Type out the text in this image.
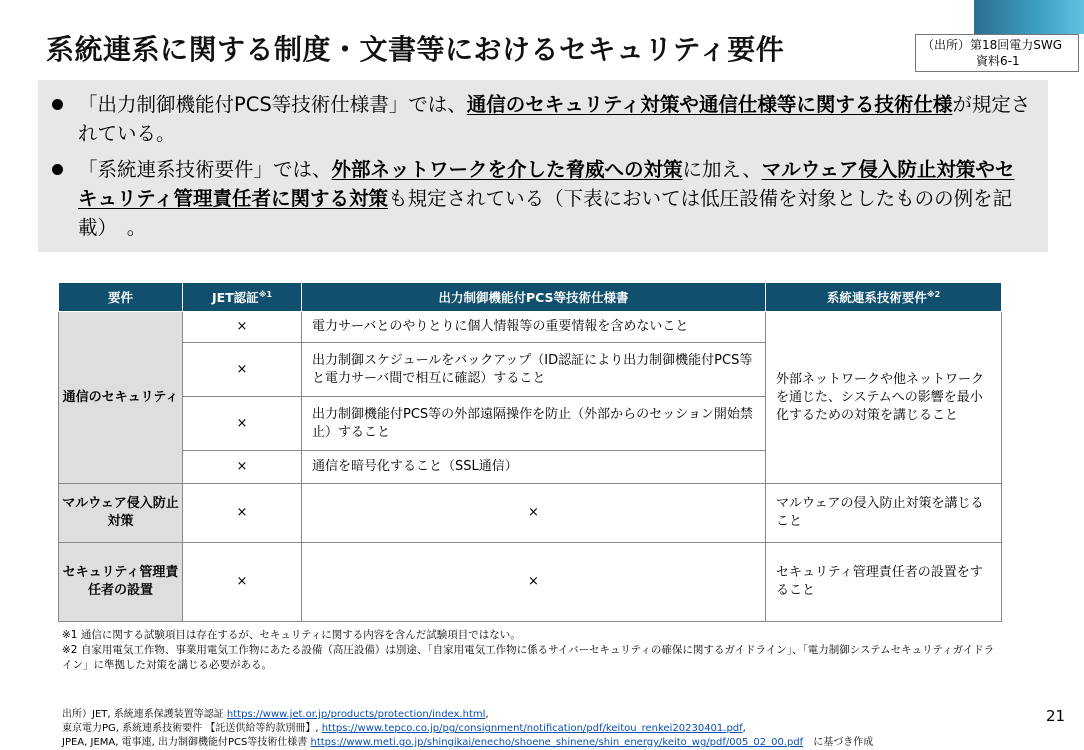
系統連系に関する制度・文書等におけるセキュリティ要件	（出所）第18回電力SWG
資料6-1
「出力制御機能付PCS等技術仕様書」では、通信のセキュリティ対策や通信仕様等に関する技術仕様が規定されている。
「系統連系技術要件」では、外部ネットワークを介した脅威への対策に加え、マルウェア侵入防止対策やセキュリティ管理責任者に関する対策も規定されている（下表においては低圧設備を対象としたものの例を記載）　。
要件	JET認証$^{※1}$	出力制御機能付PCS等技術仕様書	系統連系技術要件$^{※2}$
通信のセキュリティ	×	電力サーバとのやりとりに個人情報等の重要情報を含めないこと	外部ネットワークや他ネットワークを通じた、システムへの影響を最小化するための対策を講じること
	×	出力制御スケジュールをバックアップ（ID認証により出力制御機能付PCS等と電力サーバ間で相互に確認）すること	
	×	出力制御機能付PCS等の外部遠隔操作を防止（外部からのセッション開始禁止）すること	
	×	通信を暗号化すること（SSL通信）	
マルウェア侵入防止対策	×	×	マルウェアの侵入防止対策を講じること
セキュリティ管理責任者の設置	×	×	セキュリティ管理責任者の設置をすること
※1 通信に関する試験項目は存在するが、セキュリティに関する内容を含んだ試験項目ではない。
※2 自家用電気工作物、事業用電気工作物にあたる設備（高圧設備）は別途、「自家用電気工作物に係るサイバーセキュリティの確保に関するガイドライン」、「電力制御システムセキュリティガイドライン」に準拠した対策を講じる必要がある。
出所）JET, 系統連系保護装置等認証 https://www.jet.or.jp/products/protection/index.html,
東京電力PG, 系統連系技術要件 【託送供給等約款別冊】, https://www.tepco.co.jp/pg/consignment/notification/pdf/keitou_renkei20230401.pdf,
JPEA, JEMA, 電事連, 出力制御機能付PCS等技術仕様書 https://www.meti.go.jp/shingikai/enecho/shoene_shinene/shin_energy/keito_wg/pdf/005_02_00.pdf　に基づき作成
21
